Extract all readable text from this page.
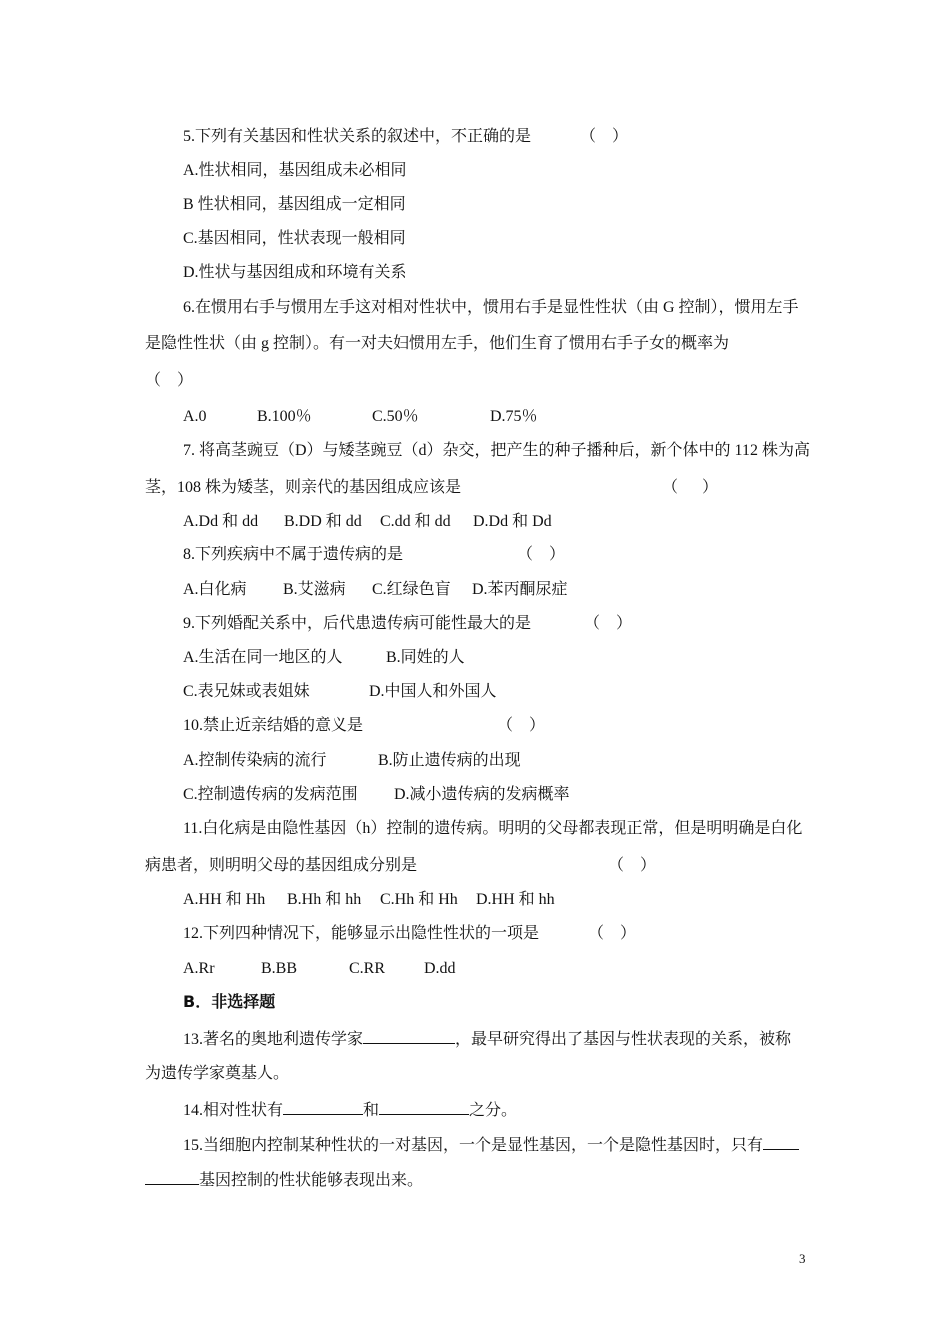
5.下列有关基因和性状关系的叙述中，不正确的是	（    ）
A.性状相同，基因组成未必相同
B 性状相同，基因组成一定相同
C.基因相同，性状表现一般相同
D.性状与基因组成和环境有关系
6.在惯用右手与惯用左手这对相对性状中，惯用右手是显性性状（由 G 控制），惯用左手
是隐性性状（由 g 控制）。有一对夫妇惯用左手，他们生育了惯用右手子女的概率为
（    ）
A.0	B.100％	C.50％	D.75％
7. 将高茎豌豆（D）与矮茎豌豆（d）杂交，把产生的种子播种后，新个体中的 112 株为高
茎，108 株为矮茎，则亲代的基因组成应该是	（      ）
A.Dd 和 dd B.DD 和 dd C.dd 和 dd D.Dd 和 Dd
8.下列疾病中不属于遗传病的是	（    ）
A.白化病 B.艾滋病 C.红绿色盲 D.苯丙酮尿症
9.下列婚配关系中，后代患遗传病可能性最大的是	（    ）
A.生活在同一地区的人	B.同姓的人
C.表兄妹或表姐妹	D.中国人和外国人
10.禁止近亲结婚的意义是	（    ）
A.控制传染病的流行	B.防止遗传病的出现
C.控制遗传病的发病范围 D.减小遗传病的发病概率
11.白化病是由隐性基因（h）控制的遗传病。明明的父母都表现正常，但是明明确是白化
病患者，则明明父母的基因组成分别是	（    ）
A.HH 和 Hh B.Hh 和 hh C.Hh 和 Hh D.HH 和 hh
12.下列四种情况下，能够显示出隐性性状的一项是	（    ）
A.Rr	B.BB	C.RR D.dd
B．非选择题
13.著名的奥地利遗传学家	，最早研究得出了基因与性状表现的关系，被称
为遗传学家奠基人。
14.相对性状有	和	之分。
15.当细胞内控制某种性状的一对基因，一个是显性基因，一个是隐性基因时，只有
基因控制的性状能够表现出来。
3
